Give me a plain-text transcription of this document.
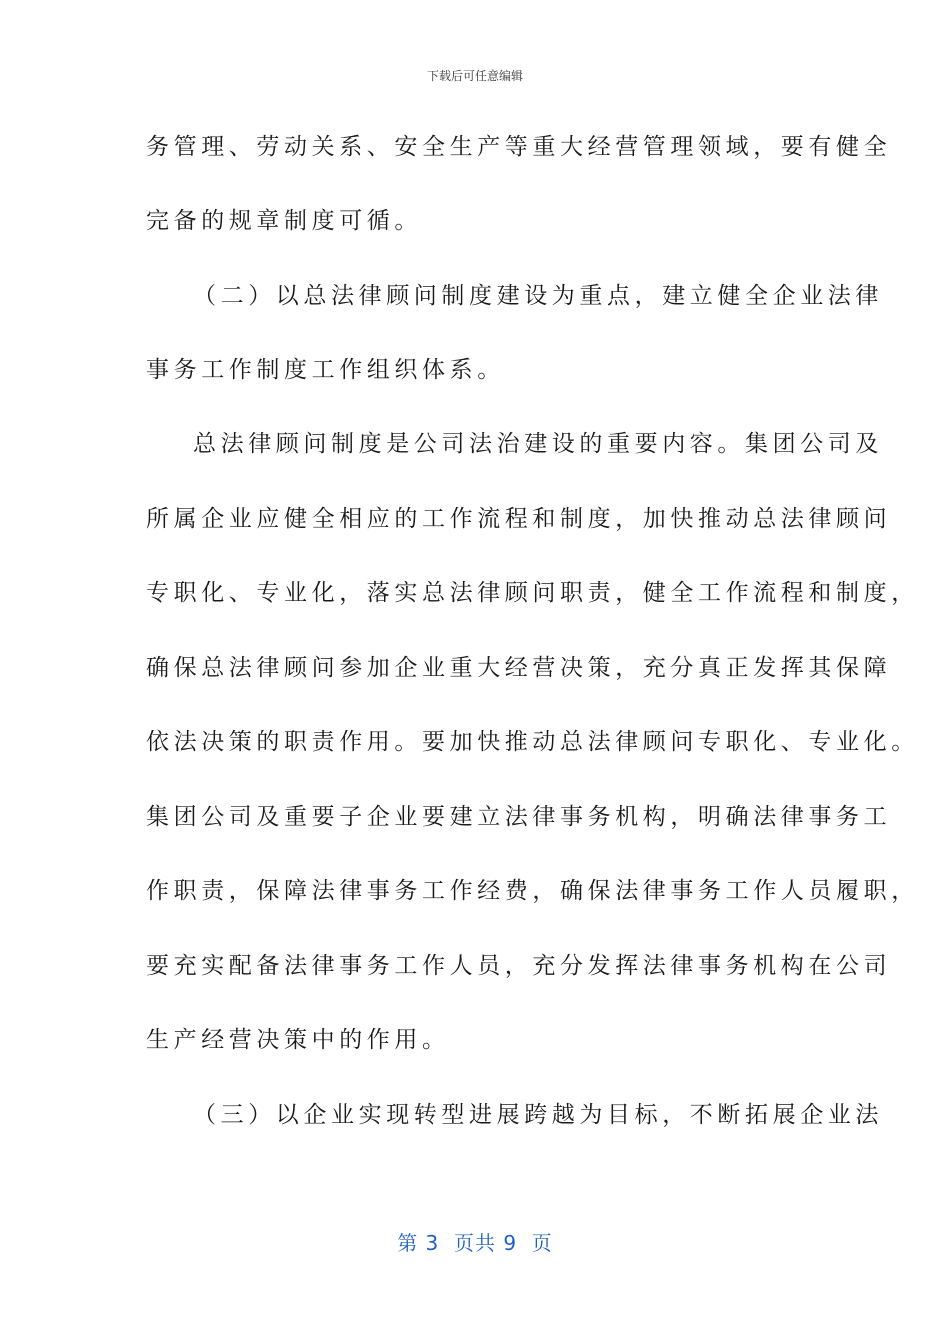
下载后可任意编辑
务管理、劳动关系、安全生产等重大经营管理领域，要有健全
完备的规章制度可循。
（二）以总法律顾问制度建设为重点，建立健全企业法律
事务工作制度工作组织体系。
总法律顾问制度是公司法治建设的重要内容。集团公司及
所属企业应健全相应的工作流程和制度，加快推动总法律顾问
专职化、专业化，落实总法律顾问职责，健全工作流程和制度，
确保总法律顾问参加企业重大经营决策，充分真正发挥其保障
依法决策的职责作用。要加快推动总法律顾问专职化、专业化。
集团公司及重要子企业要建立法律事务机构，明确法律事务工
作职责，保障法律事务工作经费，确保法律事务工作人员履职，
要充实配备法律事务工作人员，充分发挥法律事务机构在公司
生产经营决策中的作用。
（三）以企业实现转型进展跨越为目标，不断拓展企业法
第 3  页共 9  页
